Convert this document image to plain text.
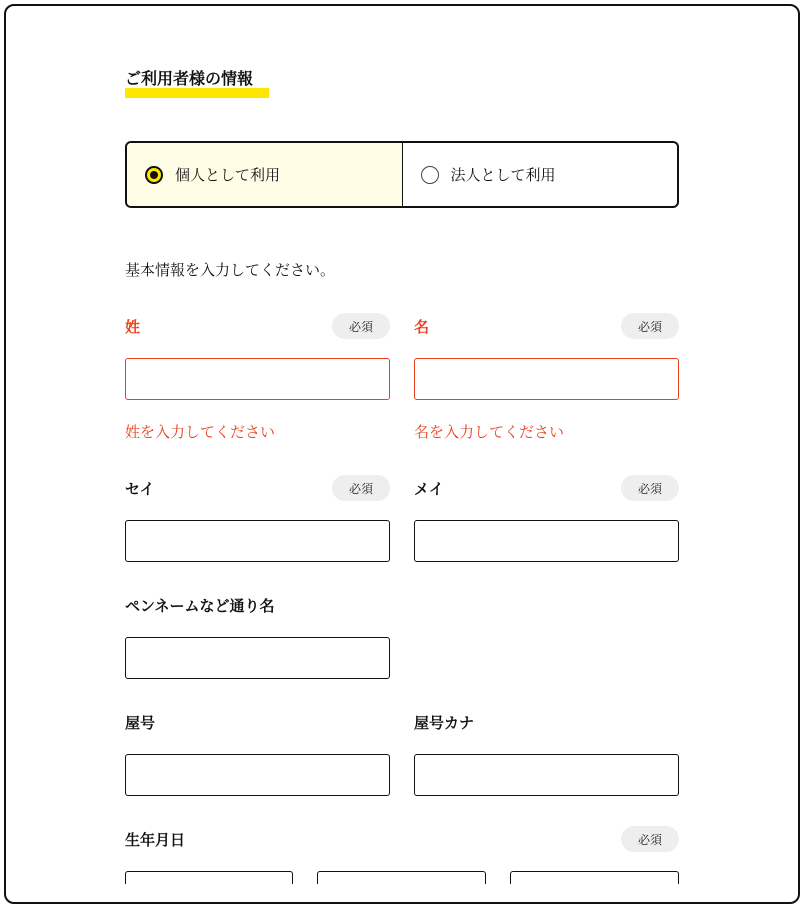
ご利用者様の情報
個人として利用	法人として利用
基本情報を入力してください。
姓	必須
姓を入力してください
名	必須
名を入力してください
セイ	必須	メイ	必須
ペンネームなど通り名
屋号	屋号カナ
生年月日	必須
